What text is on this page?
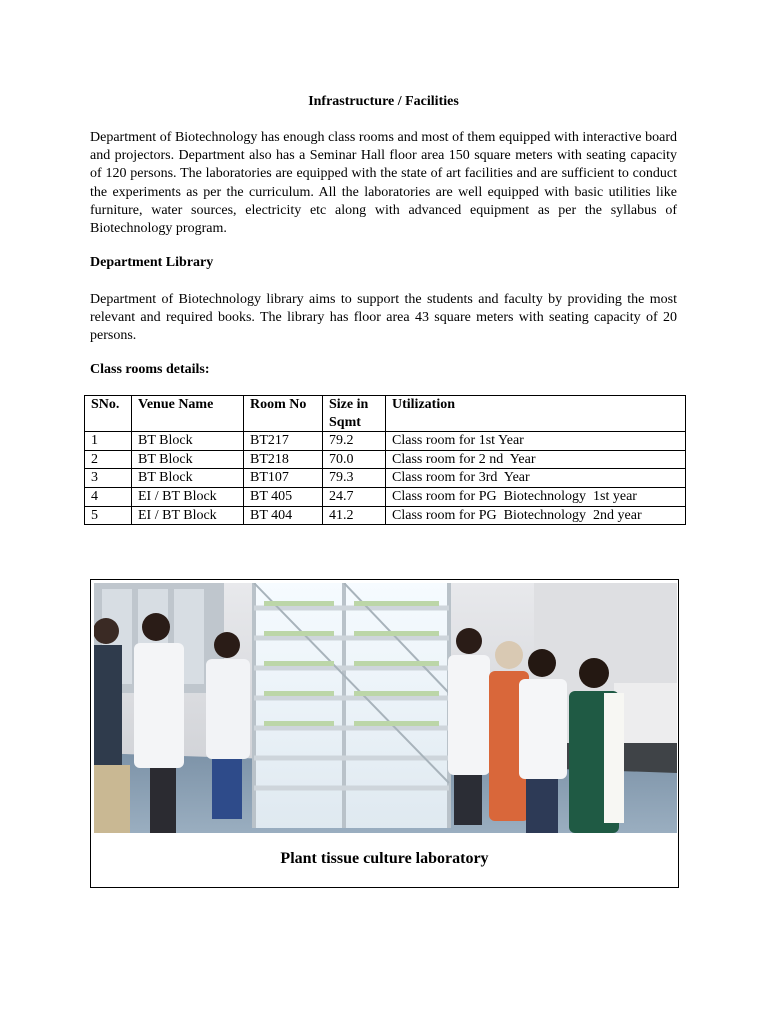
Infrastructure / Facilities
Department of Biotechnology has enough class rooms and most of them equipped with interactive board and projectors. Department also has a Seminar Hall floor area 150 square meters with seating capacity of 120 persons. The laboratories are equipped with the state of art facilities and are sufficient to conduct the experiments as per the curriculum. All the laboratories are well equipped with basic utilities like furniture, water sources, electricity etc along with advanced equipment as per the syllabus of Biotechnology program.
Department Library
Department of Biotechnology library aims to support the students and faculty by providing the most relevant and required books. The library has floor area 43 square meters with seating capacity of 20 persons.
Class rooms details:
SNo.	Venue Name	Room No	Size in Sqmt	Utilization
1	BT Block	BT217	79.2	Class room for 1st Year
2	BT Block	BT218	70.0	Class room for 2 nd  Year
3	BT Block	BT107	79.3	Class room for 3rd  Year
4	EI / BT Block	BT 405	24.7	Class room for PG  Biotechnology  1st year
5	EI / BT Block	BT 404	41.2	Class room for PG  Biotechnology  2nd year
Plant tissue culture laboratory
